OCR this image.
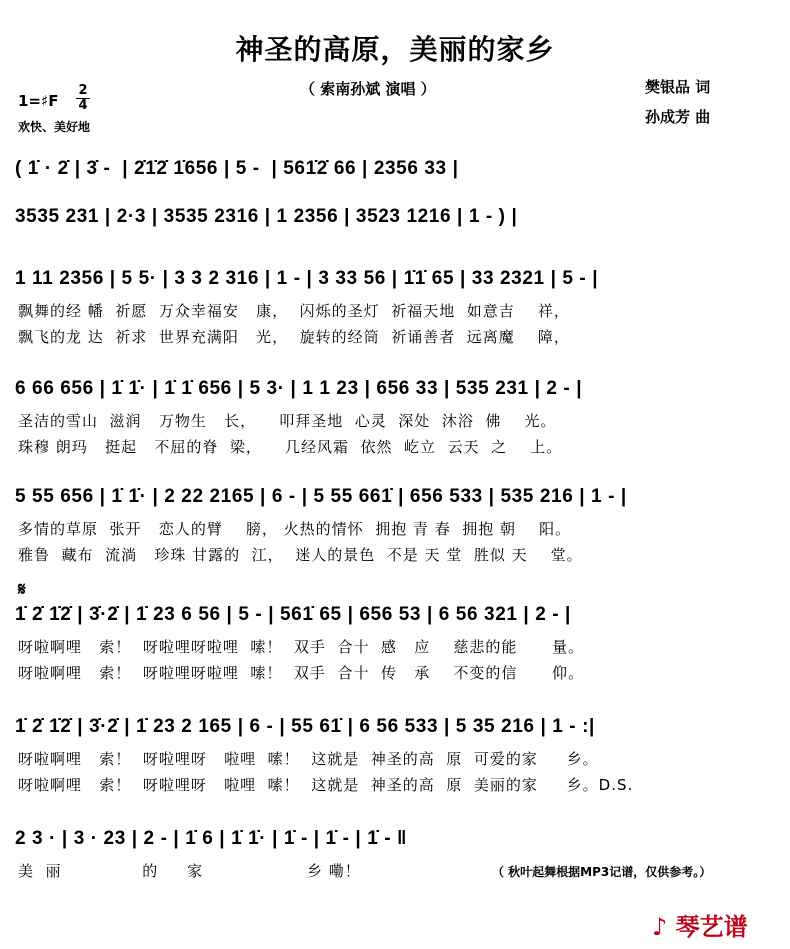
神圣的高原，美丽的家乡
（ 索南孙斌 演唱 ）
1=♯F
2
4
欢快、美好地
樊银品 词
孙成芳 曲
( 1̇ · 2̇ | 3̇ -  | 2̇1̇2̇ 1̇656 | 5 -  | 561̇2̇ 66 | 2356 33 |
3535 231 | 2·3 | 3535 2316 | 1 2356 | 3523 1216 | 1 - ) |
1 11 2356 | 5 5· | 3 3 2 316 | 1 - | 3 33 56 | 1̇1̇ 65 | 33 2321 | 5 - |
飘舞的经 幡  祈愿  万众幸福安   康，  闪烁的圣灯  祈福天地  如意吉    祥，
飘飞的龙 达  祈求  世界充满阳   光，  旋转的经筒  祈诵善者  远离魔    障，
6 66 656 | 1̇ 1̇· | 1̇ 1̇ 656 | 5 3· | 1 1 23 | 656 33 | 535 231 | 2 - |
圣洁的雪山  滋润   万物生   长，    叩拜圣地  心灵  深处  沐浴  佛    光。
珠穆 朗玛   挺起   不屈的脊  梁，    几经风霜  依然  屹立  云天  之    上。
5 55 656 | 1̇ 1̇· | 2 22 2165 | 6 - | 5 55 661̇ | 656 533 | 535 216 | 1 - |
多情的草原  张开   恋人的臂    膀， 火热的情怀  拥抱 青 春  拥抱 朝    阳。
雅鲁  藏布  流淌   珍珠 甘露的  江，  迷人的景色  不是 天 堂  胜似 天    堂。
𝄋
1̇ 2̇ 1̇2̇ | 3̇·2̇ | 1̇ 23 6 56 | 5 - | 561̇ 65 | 656 53 | 6 56 321 | 2 - |
呀啦啊哩   索！  呀啦哩呀啦哩  嗦！  双手  合十  感   应    慈悲的能      量。
呀啦啊哩   索！  呀啦哩呀啦哩  嗦！  双手  合十  传   承    不变的信      仰。
1̇ 2̇ 1̇2̇ | 3̇·2̇ | 1̇ 23 2 165 | 6 - | 55 61̇ | 6 56 533 | 5 35 216 | 1 - :|
呀啦啊哩   索！  呀啦哩呀   啦哩  嗦！  这就是  神圣的高  原  可爱的家     乡。
呀啦啊哩   索！  呀啦哩呀   啦哩  嗦！  这就是  神圣的高  原  美丽的家     乡。D.S.
2 3 · | 3 · 23 | 2 - | 1̇ 6 | 1̇ 1̇· | 1̇ - | 1̇ - | 1̇ - ‖
美  丽              的     家                  乡 嘞！	（ 秋叶起舞根据MP3记谱，仅供参考。）
♪ 琴艺谱
